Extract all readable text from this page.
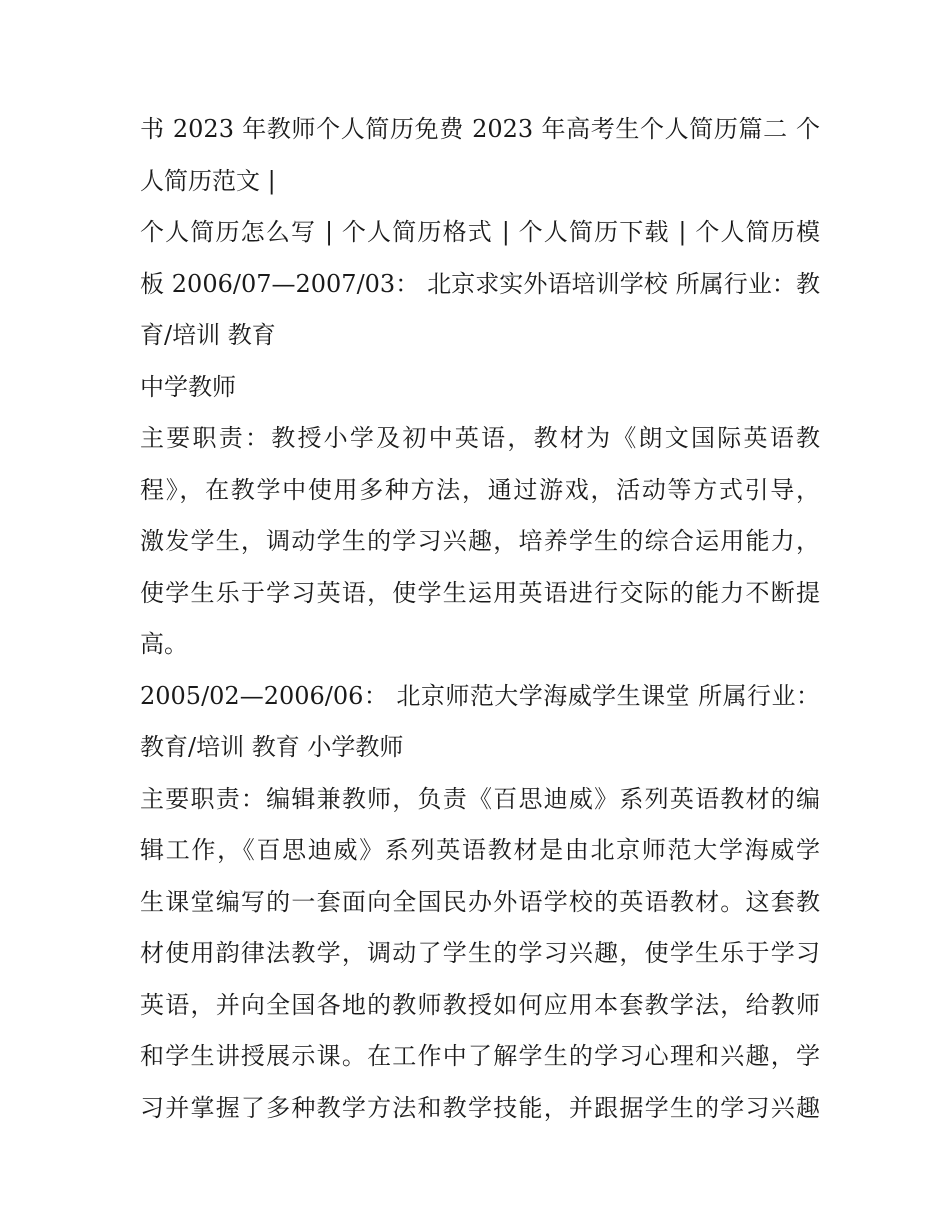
书 2023 年教师个人简历免费 2023 年高考生个人简历篇二 个
人简历范文 |
个人简历怎么写 | 个人简历格式 | 个人简历下载 | 个人简历模
板 2006/07—2007/03： 北京求实外语培训学校 所属行业：教
育/培训 教育
中学教师
主要职责：教授小学及初中英语，教材为《朗文国际英语教
程》，在教学中使用多种方法，通过游戏，活动等方式引导，
激发学生，调动学生的学习兴趣，培养学生的综合运用能力，
使学生乐于学习英语，使学生运用英语进行交际的能力不断提
高。
2005/02—2006/06： 北京师范大学海威学生课堂 所属行业：
教育/培训 教育 小学教师
主要职责：编辑兼教师，负责《百思迪威》系列英语教材的编
辑工作，《百思迪威》系列英语教材是由北京师范大学海威学
生课堂编写的一套面向全国民办外语学校的英语教材。这套教
材使用韵律法教学，调动了学生的学习兴趣，使学生乐于学习
英语，并向全国各地的教师教授如何应用本套教学法，给教师
和学生讲授展示课。在工作中了解学生的学习心理和兴趣，学
习并掌握了多种教学方法和教学技能，并跟据学生的学习兴趣
